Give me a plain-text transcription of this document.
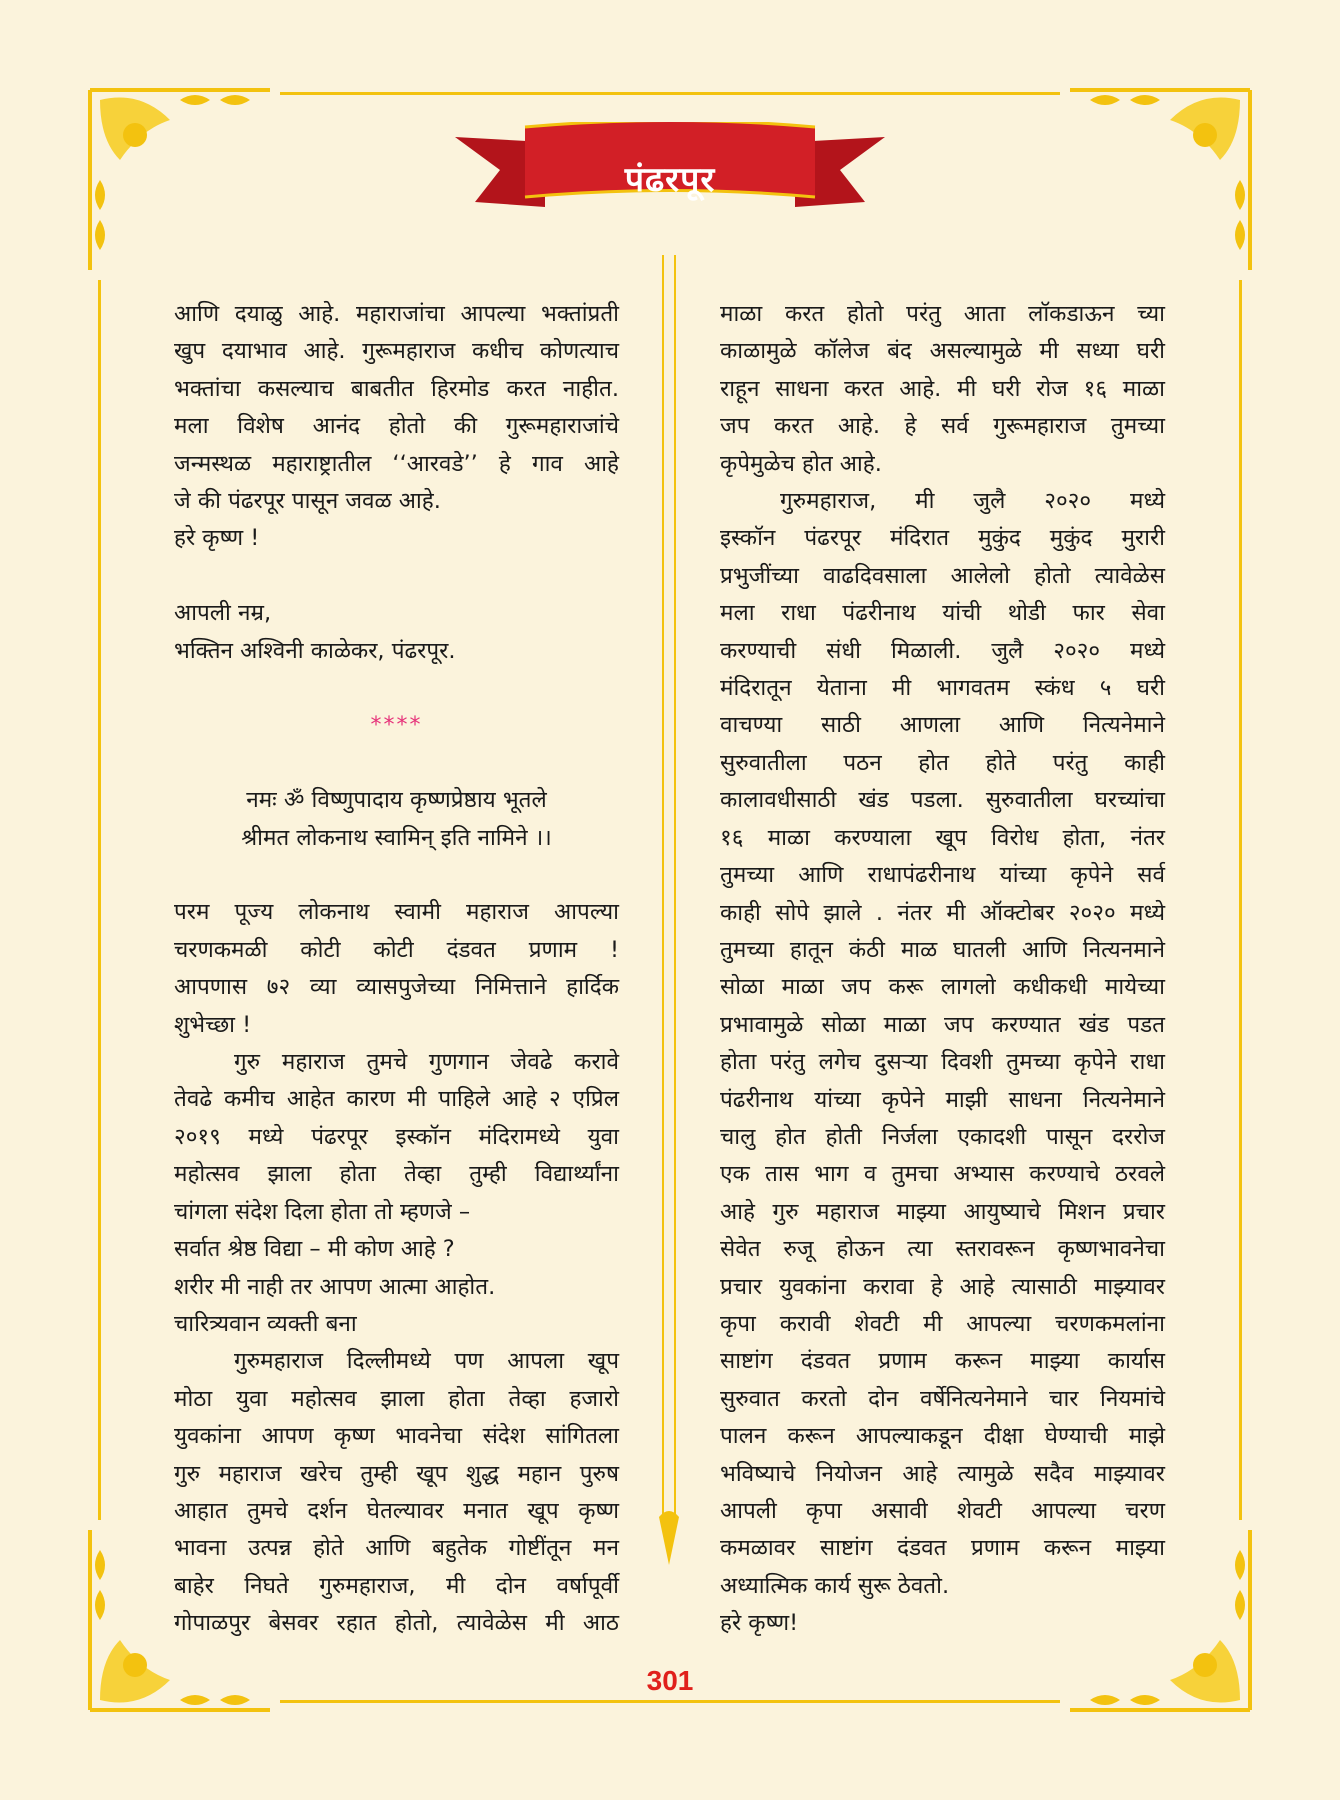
पंढरपूर

आणि दयाळु आहे. महाराजांचा आपल्या भक्तांप्रती

खुप दयाभाव आहे. गुरूमहाराज कधीच कोणत्याच

भक्तांचा कसल्याच बाबतीत हिरमोड करत नाहीत.

मला विशेष आनंद होतो की गुरूमहाराजांचे

जन्मस्थळ महाराष्ट्रातील ‘‘आरवडे’’ हे गाव आहे

जे की पंढरपूर पासून जवळ आहे.

हरे कृष्ण !

आपली नम्र,

भक्तिन अश्विनी काळेकर, पंढरपूर.

****

नमः ॐ विष्णुपादाय कृष्णप्रेष्ठाय भूतले

श्रीमत लोकनाथ स्वामिन् इति नामिने ।।

परम पूज्य लोकनाथ स्वामी महाराज आपल्या

चरणकमळी कोटी कोटी दंडवत प्रणाम !

आपणास ७२ व्या व्यासपुजेच्या निमित्ताने हार्दिक

शुभेच्छा !

गुरु महाराज तुमचे गुणगान जेवढे करावे

तेवढे कमीच आहेत कारण मी पाहिले आहे २ एप्रिल

२०१९ मध्ये पंढरपूर इस्कॉन मंदिरामध्ये युवा

महोत्सव झाला होता तेव्हा तुम्ही विद्यार्थ्यांना

चांगला संदेश दिला होता तो म्हणजे –

सर्वात श्रेष्ठ विद्या – मी कोण आहे ?

शरीर मी नाही तर आपण आत्मा आहोत.

चारित्र्यवान व्यक्ती बना

गुरुमहाराज दिल्लीमध्ये पण आपला खूप

मोठा युवा महोत्सव झाला होता तेव्हा हजारो

युवकांना आपण कृष्ण भावनेचा संदेश सांगितला

गुरु महाराज खरेच तुम्ही खूप शुद्ध महान पुरुष

आहात तुमचे दर्शन घेतल्यावर मनात खूप कृष्ण

भावना उत्पन्न होते आणि बहुतेक गोष्टींतून मन

बाहेर निघते गुरुमहाराज, मी दोन वर्षापूर्वी

गोपाळपुर बेसवर रहात होतो, त्यावेळेस मी आठ

माळा करत होतो परंतु आता लॉकडाऊन च्या

काळामुळे कॉलेज बंद असल्यामुळे मी सध्या घरी

राहून साधना करत आहे. मी घरी रोज १६ माळा

जप करत आहे. हे सर्व गुरूमहाराज तुमच्या

कृपेमुळेच होत आहे.

गुरुमहाराज, मी जुलै २०२० मध्ये

इस्कॉन पंढरपूर मंदिरात मुकुंद मुकुंद मुरारी

प्रभुजींच्या वाढदिवसाला आलेलो होतो त्यावेळेस

मला राधा पंढरीनाथ यांची थोडी फार सेवा

करण्याची संधी मिळाली. जुलै २०२० मध्ये

मंदिरातून येताना मी भागवतम स्कंध ५ घरी

वाचण्या साठी आणला आणि नित्यनेमाने

सुरुवातीला पठन होत होते परंतु काही

कालावधीसाठी खंड पडला. सुरुवातीला घरच्यांचा

१६ माळा करण्याला खूप विरोध होता, नंतर

तुमच्या आणि राधापंढरीनाथ यांच्या कृपेने सर्व

काही सोपे झाले . नंतर मी ऑक्टोबर २०२० मध्ये

तुमच्या हातून कंठी माळ घातली आणि नित्यनमाने

सोळा माळा जप करू लागलो कधीकधी मायेच्या

प्रभावामुळे सोळा माळा जप करण्यात खंड पडत

होता परंतु लगेच दुसऱ्या दिवशी तुमच्या कृपेने राधा

पंढरीनाथ यांच्या कृपेने माझी साधना नित्यनेमाने

चालु होत होती निर्जला एकादशी पासून दररोज

एक तास भाग व तुमचा अभ्यास करण्याचे ठरवले

आहे गुरु महाराज माझ्या आयुष्याचे मिशन प्रचार

सेवेत रुजू होऊन त्या स्तरावरून कृष्णभावनेचा

प्रचार युवकांना करावा हे आहे त्यासाठी माझ्यावर

कृपा करावी शेवटी मी आपल्या चरणकमलांना

साष्टांग दंडवत प्रणाम करून माझ्या कार्यास

सुरुवात करतो दोन वर्षेनित्यनेमाने चार नियमांचे

पालन करून आपल्याकडून दीक्षा घेण्याची माझे

भविष्याचे नियोजन आहे त्यामुळे सदैव माझ्यावर

आपली कृपा असावी शेवटी आपल्या चरण

कमळावर साष्टांग दंडवत प्रणाम करून माझ्या

अध्यात्मिक कार्य सुरू ठेवतो.

हरे कृष्ण!

301
